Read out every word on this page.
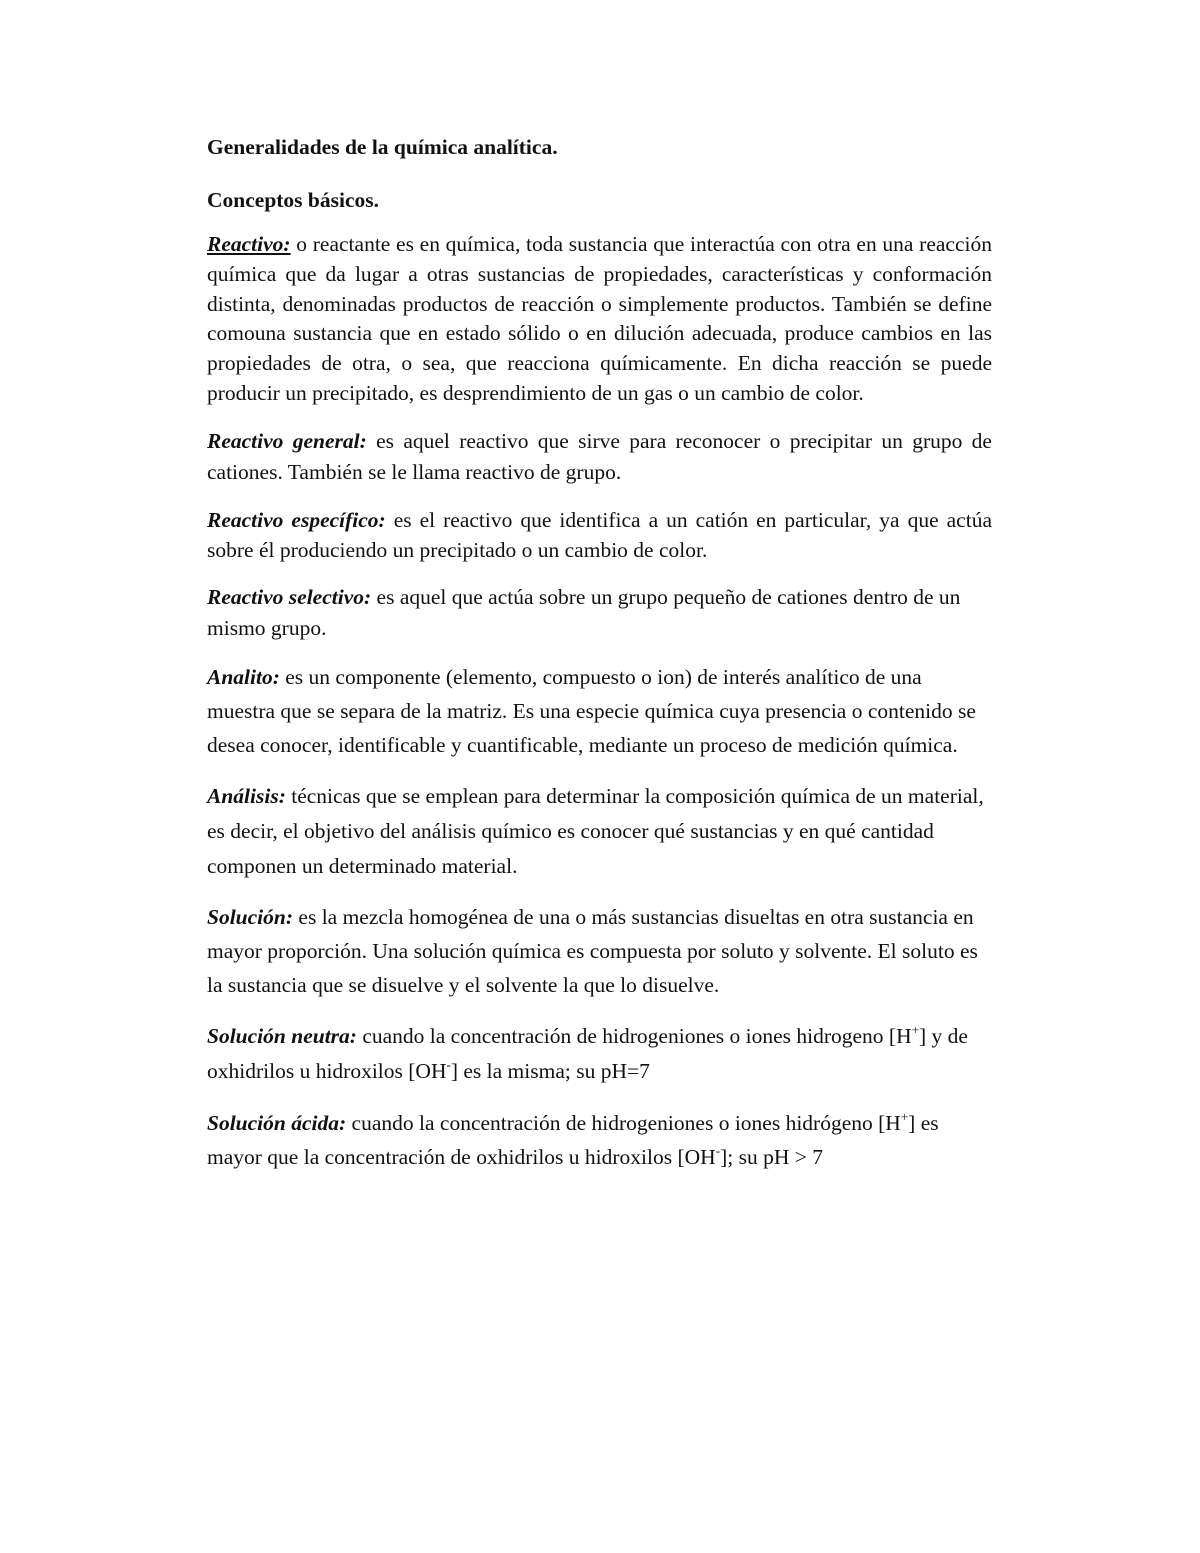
Generalidades de la química analítica.

Conceptos básicos.

Reactivo: o reactante es en química, toda sustancia que interactúa con otra en una reacción química que da lugar a otras sustancias de propiedades, características y conformación distinta, denominadas productos de reacción o simplemente productos. También se define comouna sustancia que en estado sólido o en dilución adecuada, produce cambios en las propiedades de otra, o sea, que reacciona químicamente. En dicha reacción se puede producir un precipitado, es desprendimiento de un gas o un cambio de color.

Reactivo general: es aquel reactivo que sirve para reconocer o precipitar un grupo de cationes. También se le llama reactivo de grupo.

Reactivo específico: es el reactivo que identifica a un catión en particular, ya que actúa sobre él produciendo un precipitado o un cambio de color.

Reactivo selectivo: es aquel que actúa sobre un grupo pequeño de cationes dentro de un mismo grupo.

Analito: es un componente (elemento, compuesto o ion) de interés analítico de una muestra que se separa de la matriz. Es una especie química cuya presencia o contenido se desea conocer, identificable y cuantificable, mediante un proceso de medición química.

Análisis: técnicas que se emplean para determinar la composición química de un material, es decir, el objetivo del análisis químico es conocer qué sustancias y en qué cantidad componen un determinado material.

Solución: es la mezcla homogénea de una o más sustancias disueltas en otra sustancia en mayor proporción. Una solución química es compuesta por soluto y solvente. El soluto es la sustancia que se disuelve y el solvente la que lo disuelve.

Solución neutra: cuando la concentración de hidrogeniones o iones hidrogeno [H+] y de oxhidrilos u hidroxilos [OH-] es la misma; su pH=7

Solución ácida: cuando la concentración de hidrogeniones o iones hidrógeno [H+] es mayor que la concentración de oxhidrilos u hidroxilos [OH-]; su pH > 7
